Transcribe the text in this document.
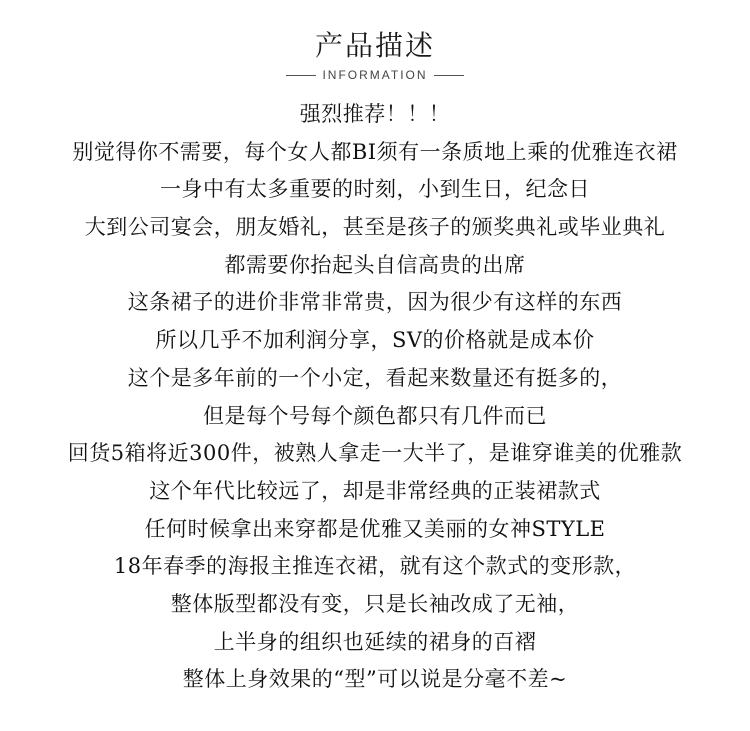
产品描述
INFORMATION
强烈推荐！！！
别觉得你不需要，每个女人都BI须有一条质地上乘的优雅连衣裙
一身中有太多重要的时刻，小到生日，纪念日
大到公司宴会，朋友婚礼，甚至是孩子的颁奖典礼或毕业典礼
都需要你抬起头自信高贵的出席
这条裙子的进价非常非常贵，因为很少有这样的东西
所以几乎不加利润分享，SV的价格就是成本价
这个是多年前的一个小定，看起来数量还有挺多的，
但是每个号每个颜色都只有几件而已
回货5箱将近300件，被熟人拿走一大半了，是谁穿谁美的优雅款
这个年代比较远了，却是非常经典的正装裙款式
任何时候拿出来穿都是优雅又美丽的女神STYLE
18年春季的海报主推连衣裙，就有这个款式的变形款，
整体版型都没有变，只是长袖改成了无袖，
上半身的组织也延续的裙身的百褶
整体上身效果的“型”可以说是分毫不差~
